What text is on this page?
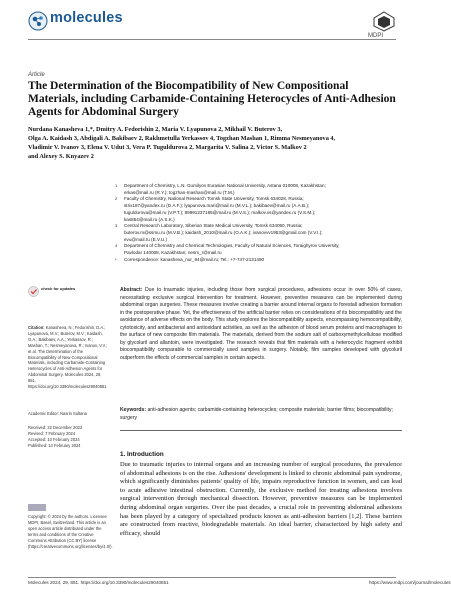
molecules
MDPI
Article
The Determination of the Biocompatibility of New Compositional Materials, including Carbamide-Containing Heterocycles of Anti-Adhesion Agents for Abdominal Surgery
Nurdana Kanasheva 1,*, Dmitry A. Fedorishin 2, Maria V. Lyapunova 2, Mikhail V. Buterov 3,
Olga A. Kaidash 3, Abdigali A. Bakibaev 2, Rakhmetulla Yerkassov 4, Togzhan Mashan 1, Rimma Nesmeyanova 4,
Vladimir V. Ivanov 3, Elena V. Udut 3, Vera P. Tuguldurova 2, Margarita V. Salina 2, Victor S. Malkov 2
and Alexey S. Knyazev 2
1 Department of Chemistry, L.N. Gumilyov Eurasian National University, Astana 010008, Kazakhstan;
erkas@mail.ru (R.Y.); togzhan-mashan@mail.ru (T.M.)
2 Faculty of Chemistry, National Research Tomsk State University, Tomsk 634028, Russia;
strix187@yandex.ru (D.A.F.); lyapunova.mari@mail.ru (M.V.L.); bakibaev@mail.ru (A.A.B.);
tuguldurova@mail.ru (V.P.T.); 89991237185@mail.ru (M.V.S.); malkov.vs@yandex.ru (V.S.M.);
kas854@mail.ru (A.S.K.)
3 Central Research Laboratory, Siberian State Medical University, Tomsk 634050, Russia;
buterov.m@ssmu.ru (M.V.B.); kaidash_2010@mail.ru (O.A.K.); ivanovvv1953@gmail.com (V.V.I.);
evu@mail.ru (E.V.U.)
4 Department of Chemistry and Chemical Technologies, Faculty of Natural Sciences, Toraighyrov University,
Pavlodar 140008, Kazakhstan; nesm_r@mail.ru
* Correspondence: kanasheva_nur_94@mail.ru; Tel.: +7-747-2131490
Abstract: Due to traumatic injuries, including those from surgical procedures, adhesions occur in over 50% of cases, necessitating exclusive surgical intervention for treatment. However, preventive measures can be implemented during abdominal organ surgeries. These measures involve creating a barrier around internal organs to forestall adhesion formation in the postoperative phase. Yet, the effectiveness of the artificial barrier relies on considerations of its biocompatibility and the avoidance of adverse effects on the body. This study explores the biocompatibility aspects, encompassing hemocompatibility, cytotoxicity, and antibacterial and antioxidant activities, as well as the adhesion of blood serum proteins and macrophages to the surface of new composite film materials. The materials, derived from the sodium salt of carboxymethylcellulose modified by glycoluril and allantoin, were investigated. The research reveals that film materials with a heterocyclic fragment exhibit biocompatibility comparable to commercially used samples in surgery. Notably, film samples developed with glycoluril outperform the effects of commercial samples in certain aspects.
Keywords: anti-adhesion agents; carbamide-containing heterocycles; composite materials; barrier films; biocompatibility; surgery
1. Introduction
Due to traumatic injuries to internal organs and an increasing number of surgical procedures, the prevalence of abdominal adhesions is on the rise. Adhesions' development is linked to chronic abdominal pain syndrome, which significantly diminishes patients' quality of life, impairs reproductive function in women, and can lead to acute adhesive intestinal obstruction. Currently, the exclusive method for treating adhesions involves surgical intervention through mechanical dissection. However, preventive measures can be implemented during abdominal organ surgeries. Over the past decades, a crucial role in preventing abdominal adhesions has been played by a category of specialized products known as anti-adhesion barriers [1,2]. These barriers are constructed from reactive, biodegradable materials. An ideal barrier, characterized by high safety and efficacy, should
check for updates
Citation: Kanasheva, N.; Fedorishin, D.A.; Lyapunova, M.V.; Buterov, M.V.; Kaidash, O.A.; Bakibaev, A.A.; Yerkassov, R.; Mashan, T.; Nesmeyanova, R.; Ivanov, V.V.; et al. The Determination of the Biocompatibility of New Compositional Materials, including Carbamide-Containing Heterocycles of Anti-Adhesion Agents for Abdominal Surgery. Molecules 2024, 29, 851. https://doi.org/10.3390/molecules29040851
Academic Editor: Nasrin Sultana
Received: 22 December 2023
Revised: 7 February 2024
Accepted: 10 February 2024
Published: 14 February 2024
Copyright: © 2024 by the authors. Licensee MDPI, Basel, Switzerland. This article is an open access article distributed under the terms and conditions of the Creative Commons Attribution (CC BY) license (https://creativecommons.org/licenses/by/4.0/).
Molecules 2024, 29, 851. https://doi.org/10.3390/molecules29040851	https://www.mdpi.com/journal/molecules
